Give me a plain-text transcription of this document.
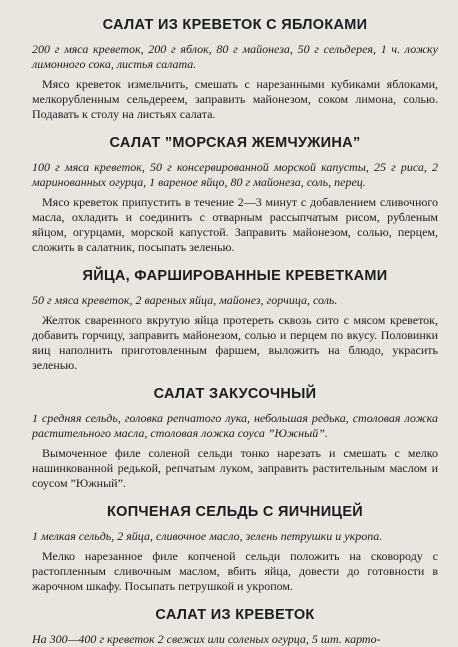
САЛАТ ИЗ КРЕВЕТОК С ЯБЛОКАМИ

200 г мяса креветок, 200 г яблок, 80 г майонеза, 50 г сельдерея, 1 ч. ложку лимонного сока, листья салата.

Мясо креветок измельчить, смешать с нарезанными кубиками яблоками, мелкорубленным сельдереем, заправить майонезом, соком лимона, солью. Подавать к столу на листьях салата.

САЛАТ ”МОРСКАЯ ЖЕМЧУЖИНА”

100 г мяса креветок, 50 г консервированной морской капусты, 25 г риса, 2 маринованных огурца, 1 вареное яйцо, 80 г майонеза, соль, перец.

Мясо креветок припустить в течение 2—3 минут с добавлением сливочного масла, охладить и соединить с отварным рассыпчатым рисом, рубленым яйцом, огурцами, морской капустой. Заправить майонезом, солью, перцем, сложить в салатник, посыпать зеленью.

ЯЙЦА, ФАРШИРОВАННЫЕ КРЕВЕТКАМИ

50 г мяса креветок, 2 вареных яйца, майонез, горчица, соль.

Желток сваренного вкрутую яйца протереть сквозь сито с мясом креветок, добавить горчицу, заправить майонезом, солью и перцем по вкусу. Половинки яиц наполнить приготовленным фаршем, выложить на блюдо, украсить зеленью.

САЛАТ ЗАКУСОЧНЫЙ

1 средняя сельдь, головка репчатого лука, небольшая редька, столовая ложка растительного масла, столовая ложка соуса ”Южный”.

Вымоченное филе соленой сельди тонко нарезать и смешать с мелко нашинкованной редькой, репчатым луком, заправить растительным маслом и соусом ”Южный”.

КОПЧЕНАЯ СЕЛЬДЬ С ЯИЧНИЦЕЙ

1 мелкая сельдь, 2 яйца, сливочное масло, зелень петрушки и укропа.

Мелко нарезанное филе копченой сельди положить на сковороду с растопленным сливочным маслом, вбить яйца, довести до готовности в жарочном шкафу. Посыпать петрушкой и укропом.

САЛАТ ИЗ КРЕВЕТОК

На 300—400 г креветок 2 свежих или соленых огурца, 5 шт. карто-
